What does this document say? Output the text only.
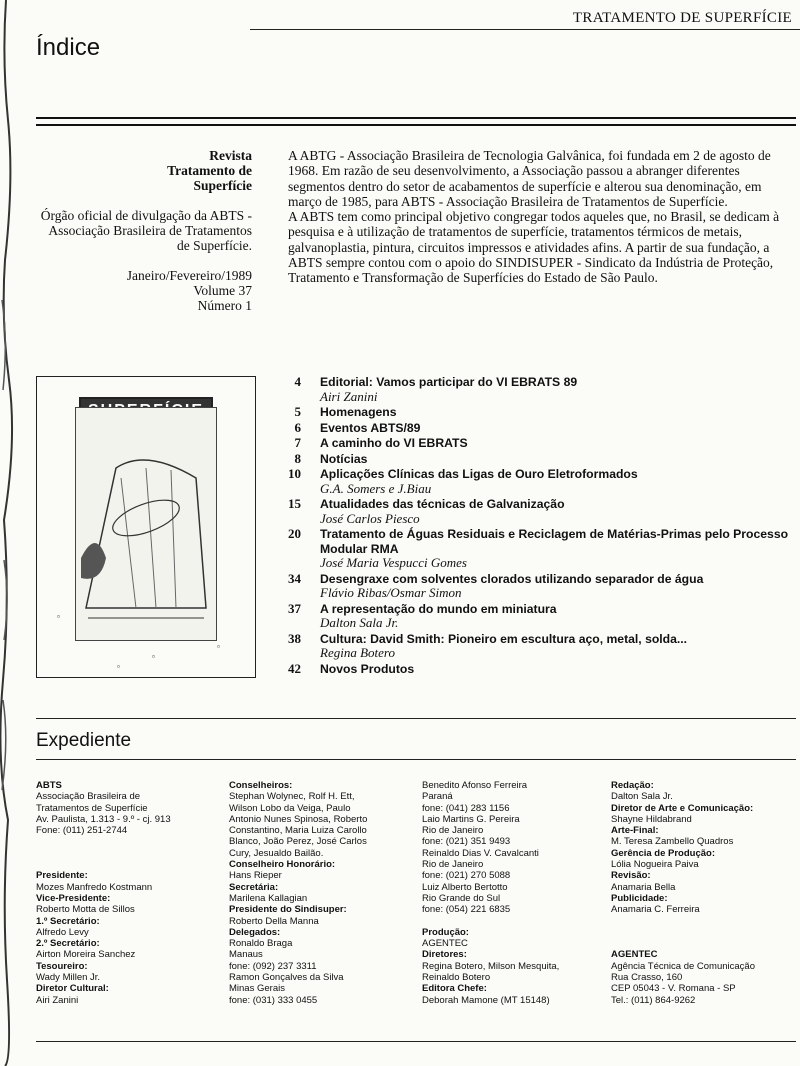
TRATAMENTO DE SUPERFÍCIE
Índice

Revista
Tratamento de
Superfície

Órgão oficial de divulgação da ABTS - Associação Brasileira de Tratamentos de Superfície.

Janeiro/Fevereiro/1989
Volume 37
Número 1

A ABTG - Associação Brasileira de Tecnologia Galvânica, foi fundada em 2 de agosto de 1968. Em razão de seu desenvolvimento, a Associação passou a abranger diferentes segmentos dentro do setor de acabamentos de superfície e alterou sua denominação, em março de 1985, para ABTS - Associação Brasileira de Tratamentos de Superfície.

A ABTS tem como principal objetivo congregar todos aqueles que, no Brasil, se dedicam à pesquisa e à utilização de tratamentos de superfície, tratamentos térmicos de metais, galvanoplastia, pintura, circuitos impressos e atividades afins. A partir de sua fundação, a ABTS sempre contou com o apoio do SINDISUPER - Sindicato da Indústria de Proteção, Tratamento e Transformação de Superfícies do Estado de São Paulo.

▫
▫
▫
▫
4 Editorial: Vamos participar do VI EBRATS 89
Airi Zanini
5 Homenagens
6 Eventos ABTS/89
7 A caminho do VI EBRATS
8 Notícias
10 Aplicações Clínicas das Ligas de Ouro Eletroformados
G.A. Somers e J.Biau
15 Atualidades das técnicas de Galvanização
José Carlos Piesco
20 Tratamento de Águas Residuais e Reciclagem de Matérias-Primas pelo Processo Modular RMA
José Maria Vespucci Gomes
34 Desengraxe com solventes clorados utilizando separador de água
Flávio Ribas/Osmar Simon
37 A representação do mundo em miniatura
Dalton Sala Jr.
38 Cultura: David Smith: Pioneiro em escultura aço, metal, solda...
Regina Botero
42 Novos Produtos
Expediente
ABTS
Associação Brasileira de
Tratamentos de Superfície
Av. Paulista, 1.313 - 9.º - cj. 913
Fone: (011) 251-2744
Presidente:
Mozes Manfredo Kostmann
Vice-Presidente:
Roberto Motta de Sillos
1.º Secretário:
Alfredo Levy
2.º Secretário:
Airton Moreira Sanchez
Tesoureiro:
Wady Millen Jr.
Diretor Cultural:
Airi Zanini
Conselheiros:
Stephan Wolynec, Rolf H. Ett,
Wilson Lobo da Veiga, Paulo
Antonio Nunes Spinosa, Roberto
Constantino, Maria Luiza Carollo
Blanco, João Perez, José Carlos
Cury, Jesualdo Bailão.
Conselheiro Honorário:
Hans Rieper
Secretária:
Marilena Kallagian
Presidente do Sindisuper:
Roberto Della Manna
Delegados:
Ronaldo Braga
Manaus
fone: (092) 237 3311
Ramon Gonçalves da Silva
Minas Gerais
fone: (031) 333 0455
Benedito Afonso Ferreira
Paraná
fone: (041) 283 1156
Laio Martins G. Pereira
Rio de Janeiro
fone: (021) 351 9493
Reinaldo Dias V. Cavalcanti
Rio de Janeiro
fone: (021) 270 5088
Luiz Alberto Bertotto
Rio Grande do Sul
fone: (054) 221 6835
Produção:
AGENTEC
Diretores:
Regina Botero, Milson Mesquita,
Reinaldo Botero
Editora Chefe:
Deborah Mamone (MT 15148)
Redação:
Dalton Sala Jr.
Diretor de Arte e Comunicação:
Shayne Hildabrand
Arte-Final:
M. Teresa Zambello Quadros
Gerência de Produção:
Lólia Nogueira Paiva
Revisão:
Anamaria Bella
Publicidade:
Anamaria C. Ferreira
AGENTEC
Agência Técnica de Comunicação
Rua Crasso, 160
CEP 05043 - V. Romana - SP
Tel.: (011) 864-9262
